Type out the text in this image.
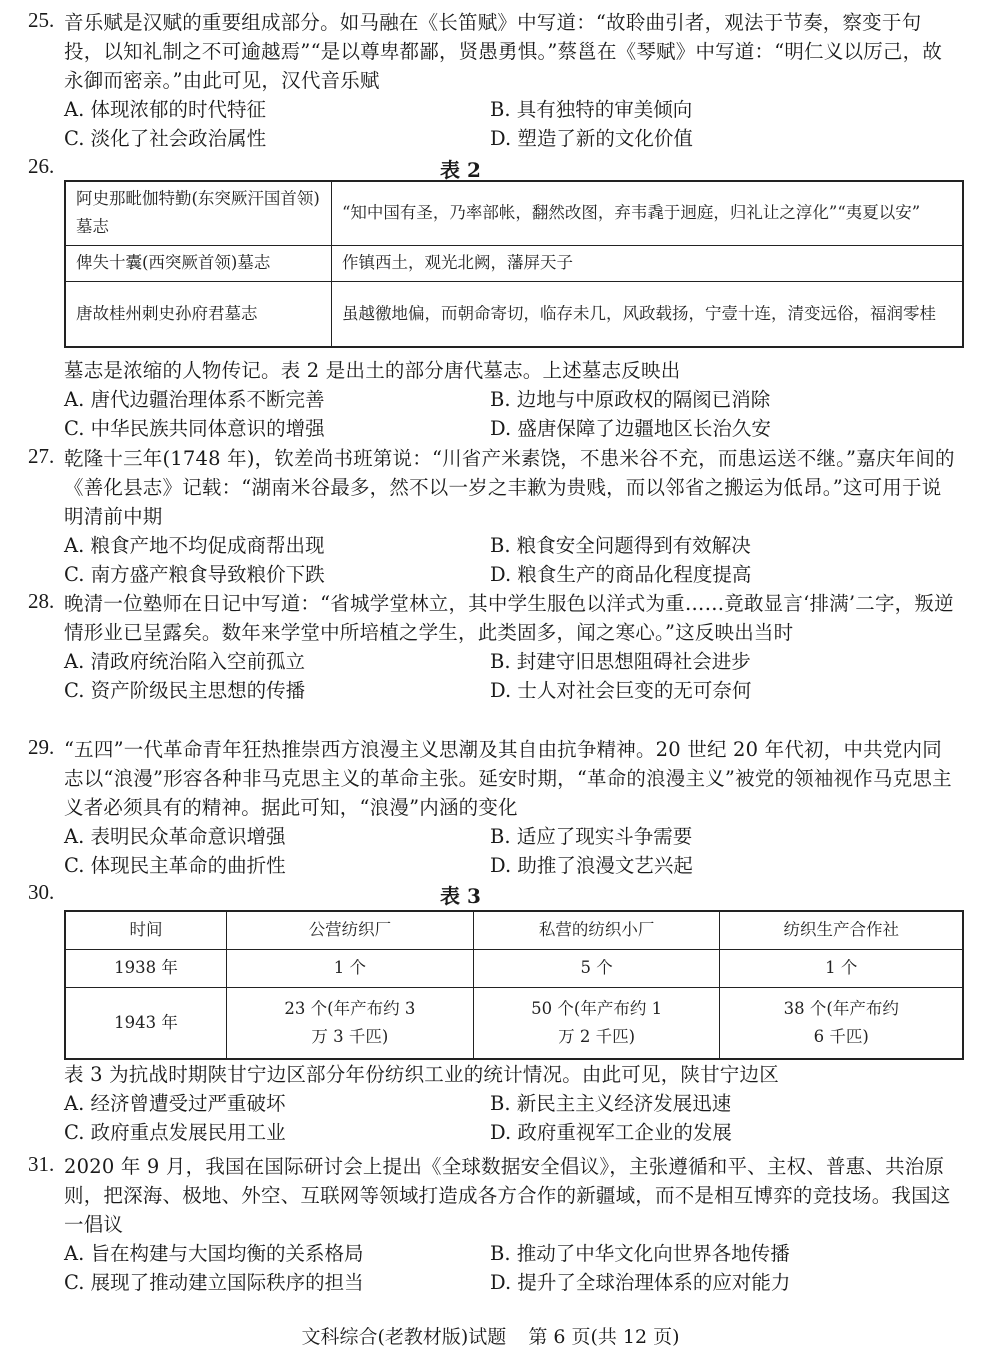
25. 音乐赋是汉赋的重要组成部分。如马融在《长笛赋》中写道：“故聆曲引者，观法于节奏，察变于句投，以知礼制之不可逾越焉”“是以尊卑都鄙，贤愚勇惧。”蔡邕在《琴赋》中写道：“明仁义以厉己，故永御而密亲。”由此可见，汉代音乐赋
A. 体现浓郁的时代特征	B. 具有独特的审美倾向
C. 淡化了社会政治属性	D. 塑造了新的文化价值
26.	表 2
阿史那毗伽特勤(东突厥汗国首领)墓志	“知中国有圣，乃率部帐，翻然改图，弃韦毳于迥庭，归礼让之淳化”“夷夏以安”
俾失十囊(西突厥首领)墓志	作镇西土，观光北阙，藩屏天子
唐故桂州刺史孙府君墓志	虽越徼地偏，而朝命寄切，临存未几，风政载扬，宁壹十连，清变远俗，福润零桂
墓志是浓缩的人物传记。表 2 是出土的部分唐代墓志。上述墓志反映出
A. 唐代边疆治理体系不断完善	B. 边地与中原政权的隔阂已消除
C. 中华民族共同体意识的增强	D. 盛唐保障了边疆地区长治久安
27. 乾隆十三年(1748 年)，钦差尚书班第说：“川省产米素饶，不患米谷不充，而患运送不继。”嘉庆年间的《善化县志》记载：“湖南米谷最多，然不以一岁之丰歉为贵贱，而以邻省之搬运为低昂。”这可用于说明清前中期
A. 粮食产地不均促成商帮出现	B. 粮食安全问题得到有效解决
C. 南方盛产粮食导致粮价下跌	D. 粮食生产的商品化程度提高
28. 晚清一位塾师在日记中写道：“省城学堂林立，其中学生服色以洋式为重……竟敢显言‘排满’二字，叛逆情形业已呈露矣。数年来学堂中所培植之学生，此类固多，闻之寒心。”这反映出当时
A. 清政府统治陷入空前孤立	B. 封建守旧思想阻碍社会进步
C. 资产阶级民主思想的传播	D. 士人对社会巨变的无可奈何
29. “五四”一代革命青年狂热推崇西方浪漫主义思潮及其自由抗争精神。20 世纪 20 年代初，中共党内同志以“浪漫”形容各种非马克思主义的革命主张。延安时期，“革命的浪漫主义”被党的领袖视作马克思主义者必须具有的精神。据此可知，“浪漫”内涵的变化
A. 表明民众革命意识增强	B. 适应了现实斗争需要
C. 体现民主革命的曲折性	D. 助推了浪漫文艺兴起
30.	表 3
时间	公营纺织厂	私营的纺织小厂	纺织生产合作社
1938 年	1 个	5 个	1 个
1943 年	23 个(年产布约 3 万 3 千匹)	50 个(年产布约 1 万 2 千匹)	38 个(年产布约 6 千匹)
表 3 为抗战时期陕甘宁边区部分年份纺织工业的统计情况。由此可见，陕甘宁边区
A. 经济曾遭受过严重破坏	B. 新民主主义经济发展迅速
C. 政府重点发展民用工业	D. 政府重视军工企业的发展
31. 2020 年 9 月，我国在国际研讨会上提出《全球数据安全倡议》，主张遵循和平、主权、普惠、共治原则，把深海、极地、外空、互联网等领域打造成各方合作的新疆域，而不是相互博弈的竞技场。我国这一倡议
A. 旨在构建与大国均衡的关系格局	B. 推动了中华文化向世界各地传播
C. 展现了推动建立国际秩序的担当	D. 提升了全球治理体系的应对能力
文科综合(老教材版)试题 第 6 页(共 12 页)
